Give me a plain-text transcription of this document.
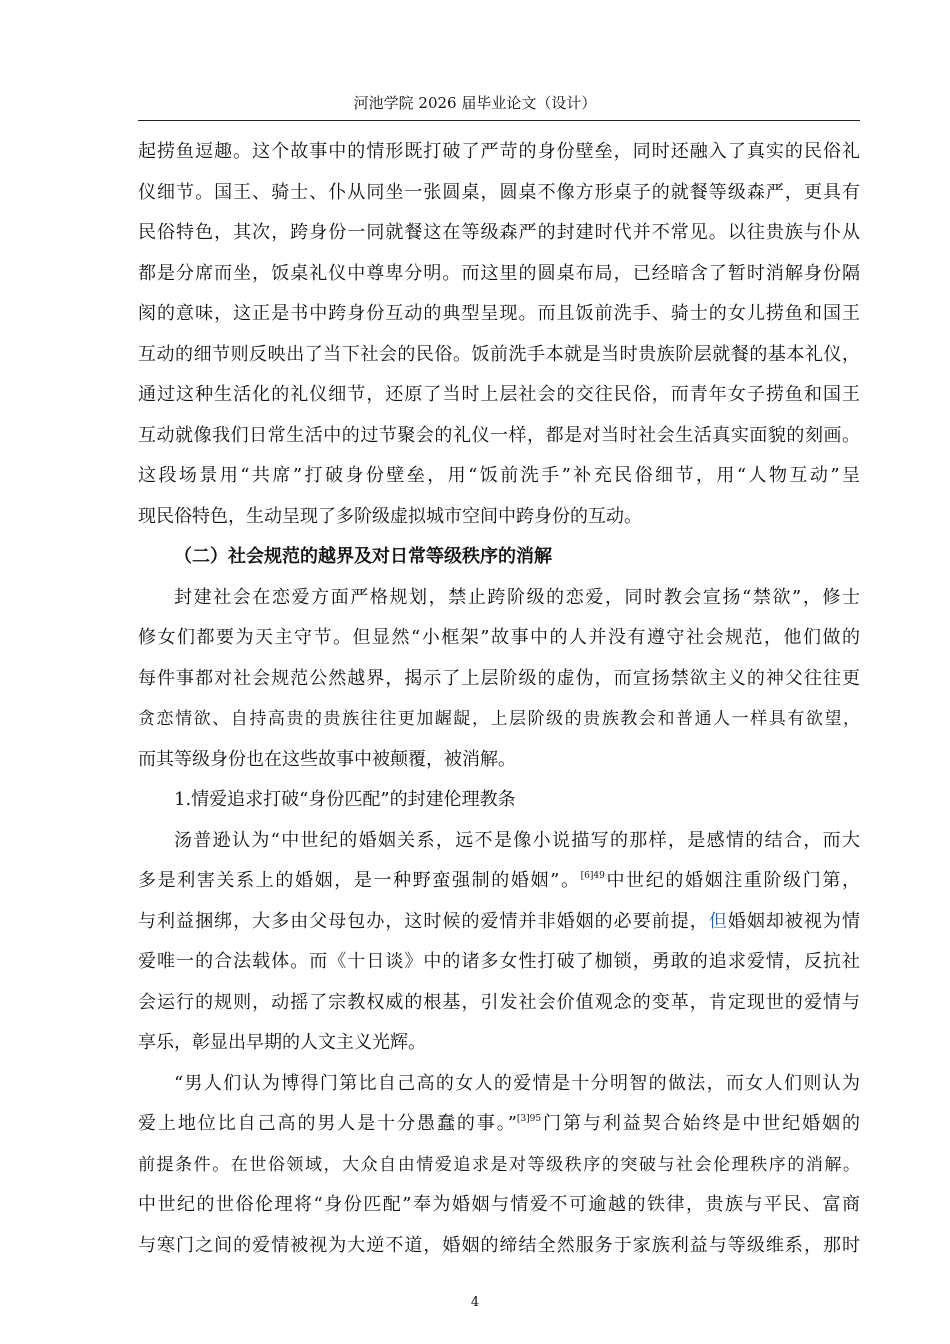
河池学院 2026 届毕业论文（设计）
起捞鱼逗趣。这个故事中的情形既打破了严苛的身份壁垒，同时还融入了真实的民俗礼
仪细节。国王、骑士、仆从同坐一张圆桌，圆桌不像方形桌子的就餐等级森严，更具有
民俗特色，其次，跨身份一同就餐这在等级森严的封建时代并不常见。以往贵族与仆从
都是分席而坐，饭桌礼仪中尊卑分明。而这里的圆桌布局，已经暗含了暂时消解身份隔
阂的意味，这正是书中跨身份互动的典型呈现。而且饭前洗手、骑士的女儿捞鱼和国王
互动的细节则反映出了当下社会的民俗。饭前洗手本就是当时贵族阶层就餐的基本礼仪，
通过这种生活化的礼仪细节，还原了当时上层社会的交往民俗，而青年女子捞鱼和国王
互动就像我们日常生活中的过节聚会的礼仪一样，都是对当时社会生活真实面貌的刻画。
这段场景用“共席”打破身份壁垒，用“饭前洗手”补充民俗细节，用“人物互动”呈
现民俗特色，生动呈现了多阶级虚拟城市空间中跨身份的互动。
（二）社会规范的越界及对日常等级秩序的消解
封建社会在恋爱方面严格规划，禁止跨阶级的恋爱，同时教会宣扬“禁欲”，修士
修女们都要为天主守节。但显然“小框架”故事中的人并没有遵守社会规范，他们做的
每件事都对社会规范公然越界，揭示了上层阶级的虚伪，而宣扬禁欲主义的神父往往更
贪恋情欲、自持高贵的贵族往往更加龌龊，上层阶级的贵族教会和普通人一样具有欲望，
而其等级身份也在这些故事中被颠覆，被消解。
1.情爱追求打破“身份匹配”的封建伦理教条
汤普逊认为“中世纪的婚姻关系，远不是像小说描写的那样，是感情的结合，而大
多是利害关系上的婚姻，是一种野蛮强制的婚姻”。$^{[6]49}$中世纪的婚姻注重阶级门第，
与利益捆绑，大多由父母包办，这时候的爱情并非婚姻的必要前提，但婚姻却被视为情
爱唯一的合法载体。而《十日谈》中的诸多女性打破了枷锁，勇敢的追求爱情，反抗社
会运行的规则，动摇了宗教权威的根基，引发社会价值观念的变革，肯定现世的爱情与
享乐，彰显出早期的人文主义光辉。
“男人们认为博得门第比自己高的女人的爱情是十分明智的做法，而女人们则认为
爱上地位比自己高的男人是十分愚蠢的事。”$^{[3]95}$门第与利益契合始终是中世纪婚姻的
前提条件。在世俗领域，大众自由情爱追求是对等级秩序的突破与社会伦理秩序的消解。
中世纪的世俗伦理将“身份匹配”奉为婚姻与情爱不可逾越的铁律，贵族与平民、富商
与寒门之间的爱情被视为大逆不道，婚姻的缔结全然服务于家族利益与等级维系，那时
4
